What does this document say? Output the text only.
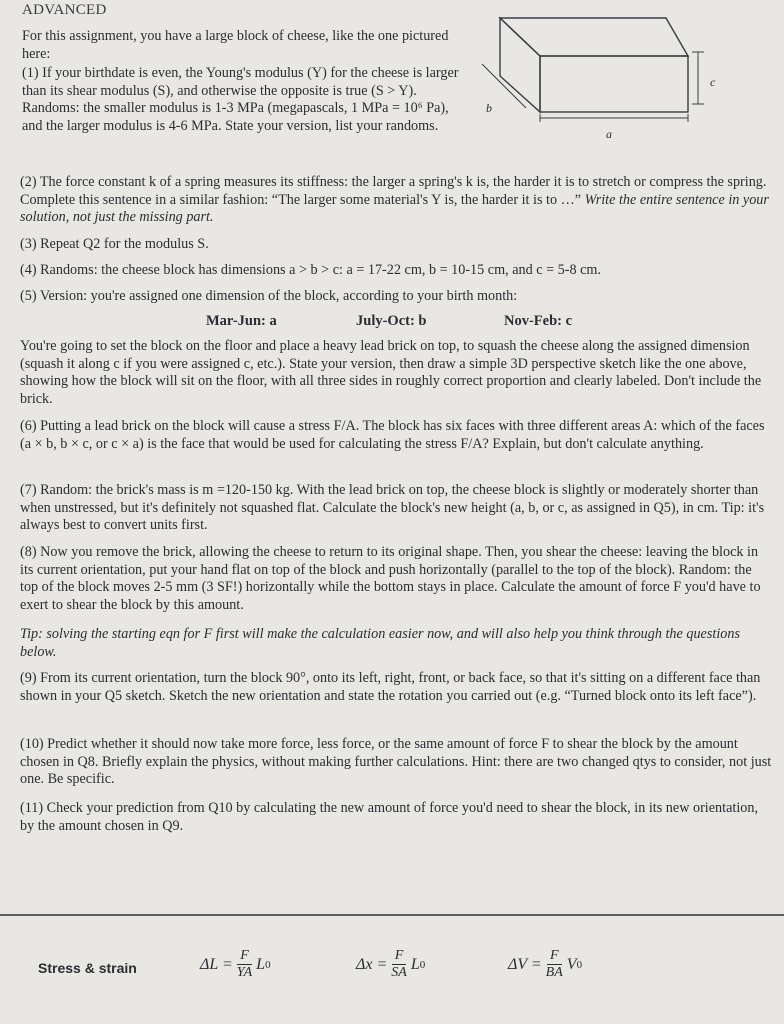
ADVANCED
For this assignment, you have a large block of cheese, like the one pictured here:
(1) If your birthdate is even, the Young's modulus (Y) for the cheese is larger than its shear modulus (S), and otherwise the opposite is true (S > Y). Randoms: the smaller modulus is 1-3 MPa (megapascals, 1 MPa = 10⁶ Pa), and the larger modulus is 4-6 MPa. State your version, list your randoms.
b
c
a
(2) The force constant k of a spring measures its stiffness: the larger a spring's k is, the harder it is to stretch or compress the spring. Complete this sentence in a similar fashion: “The larger some material's Y is, the harder it is to …” Write the entire sentence in your solution, not just the missing part.
(3) Repeat Q2 for the modulus S.
(4) Randoms: the cheese block has dimensions a > b > c: a = 17-22 cm, b = 10-15 cm, and c = 5-8 cm.
(5) Version: you're assigned one dimension of the block, according to your birth month:
Mar-Jun: a	July-Oct: b	Nov-Feb: c
You're going to set the block on the floor and place a heavy lead brick on top, to squash the cheese along the assigned dimension (squash it along c if you were assigned c, etc.). State your version, then draw a simple 3D perspective sketch like the one above, showing how the block will sit on the floor, with all three sides in roughly correct proportion and clearly labeled. Don't include the brick.
(6) Putting a lead brick on the block will cause a stress F/A. The block has six faces with three different areas A: which of the faces (a × b, b × c, or c × a) is the face that would be used for calculating the stress F/A? Explain, but don't calculate anything.
(7) Random: the brick's mass is m =120-150 kg. With the lead brick on top, the cheese block is slightly or moderately shorter than when unstressed, but it's definitely not squashed flat. Calculate the block's new height (a, b, or c, as assigned in Q5), in cm. Tip: it's always best to convert units first.
(8) Now you remove the brick, allowing the cheese to return to its original shape. Then, you shear the cheese: leaving the block in its current orientation, put your hand flat on top of the block and push horizontally (parallel to the top of the block). Random: the top of the block moves 2-5 mm (3 SF!) horizontally while the bottom stays in place. Calculate the amount of force F you'd have to exert to shear the block by this amount.
Tip: solving the starting eqn for F first will make the calculation easier now, and will also help you think through the questions below.
(9) From its current orientation, turn the block 90°, onto its left, right, front, or back face, so that it's sitting on a different face than shown in your Q5 sketch. Sketch the new orientation and state the rotation you carried out (e.g. “Turned block onto its left face”).
(10) Predict whether it should now take more force, less force, or the same amount of force F to shear the block by the amount chosen in Q8. Briefly explain the physics, without making further calculations. Hint: there are two changed qtys to consider, not just one. Be specific.
(11) Check your prediction from Q10 by calculating the new amount of force you'd need to shear the block, in its new orientation, by the amount chosen in Q9.
Stress & strain	$\Delta L = \frac{F}{YA}$ L 0	$\Delta x = \frac{F}{SA}$ L 0	$\Delta V = \frac{F}{BA}$ V 0
